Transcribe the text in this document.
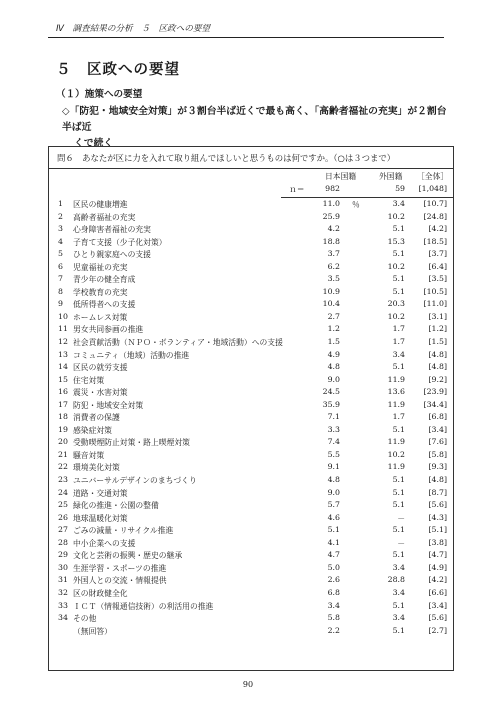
Ⅳ　調査結果の分析　５　区政への要望
５　区政への要望
（１）施策への要望
◇「防犯・地域安全対策」が３割台半ば近くで最も高く、「高齢者福祉の充実」が２割台半ば近
くで続く
問６　あなたが区に力を入れて取り組んでほしいと思うものは何ですか。（○は３つまで）
日本国籍	外国籍 ［全体］
ｎ＝	982	59 [1,048]
1	区民の健康増進	11.0	3.4 [10.7]
％
2	高齢者福祉の充実	25.9	10.2 [24.8]
3	心身障害者福祉の充実	4.2	5.1	[4.2]
4	子育て支援（少子化対策）	18.8	15.3 [18.5]
5	ひとり親家庭への支援	3.7	5.1	[3.7]
6	児童福祉の充実	6.2	10.2	[6.4]
7	青少年の健全育成	3.5	5.1	[3.5]
8	学校教育の充実	10.9	5.1 [10.5]
9	低所得者への支援	10.4	20.3 [11.0]
10 ホームレス対策	2.7	10.2	[3.1]
11 男女共同参画の推進	1.2	1.7	[1.2]
12 社会貢献活動（ＮＰＯ・ボランティア・地域活動）への支援	1.5	1.7	[1.5]
13 コミュニティ（地域）活動の推進	4.9	3.4	[4.8]
14 区民の就労支援	4.8	5.1	[4.8]
15 住宅対策	9.0	11.9	[9.2]
16 震災・水害対策	24.5	13.6 [23.9]
17 防犯・地域安全対策	35.9	11.9 [34.4]
18 消費者の保護	7.1	1.7	[6.8]
19 感染症対策	3.3	5.1	[3.4]
20 受動喫煙防止対策・路上喫煙対策	7.4	11.9	[7.6]
21 騒音対策	5.5	10.2	[5.8]
22 環境美化対策	9.1	11.9	[9.3]
23 ユニバーサルデザインのまちづくり	4.8	5.1	[4.8]
24 道路・交通対策	9.0	5.1	[8.7]
25 緑化の推進・公園の整備	5.7	5.1	[5.6]
26 地球温暖化対策	4.6	－	[4.3]
27 ごみの減量・リサイクル推進	5.1	5.1	[5.1]
28 中小企業への支援	4.1	－	[3.8]
29 文化と芸術の振興・歴史の継承	4.7	5.1	[4.7]
30 生涯学習・スポーツの推進	5.0	3.4	[4.9]
31 外国人との交流・情報提供	2.6	28.8	[4.2]
32 区の財政健全化	6.8	3.4	[6.6]
33 ＩＣＴ（情報通信技術）の利活用の推進	3.4	5.1	[3.4]
34 その他	5.8	3.4	[5.6]
（無回答）	2.2	5.1	[2.7]
90
